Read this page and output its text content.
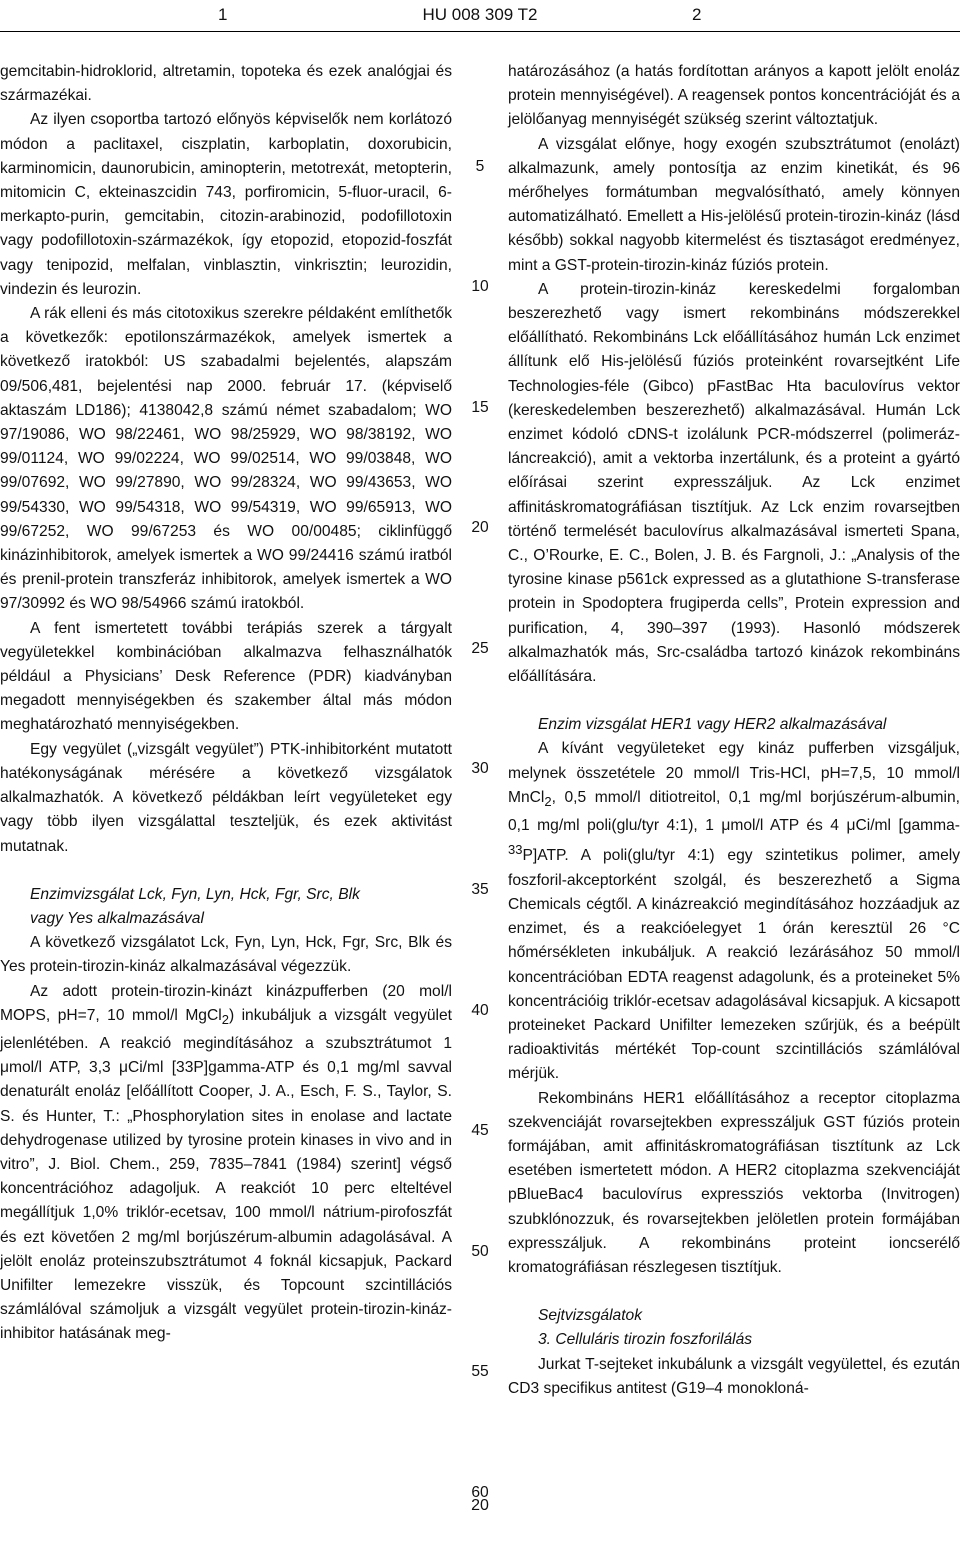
1	HU 008 309 T2	2

gemcitabin-hidroklorid, altretamin, topoteka és ezek analógjai és származékai.

Az ilyen csoportba tartozó előnyös képviselők nem korlátozó módon a paclitaxel, ciszplatin, karboplatin, doxorubicin, karminomicin, daunorubicin, aminopterin, metotrexát, metopterin, mitomicin C, ekteinaszcidin 743, porfiromicin, 5-fluor-uracil, 6-merkapto-purin, gemcitabin, citozin-arabinozid, podofillotoxin vagy podofillotoxin-származékok, így etopozid, etopozid-foszfát vagy tenipozid, melfalan, vinblasztin, vinkrisztin; leurozidin, vindezin és leurozin.

A rák elleni és más citotoxikus szerekre példaként említhetők a következők: epotilonszármazékok, amelyek ismertek a következő iratokból: US szabadalmi bejelentés, alapszám 09/506,481, bejelentési nap 2000. február 17. (képviselő aktaszám LD186); 4138042,8 számú német szabadalom; WO 97/19086, WO 98/22461, WO 98/25929, WO 98/38192, WO 99/01124, WO 99/02224, WO 99/02514, WO 99/03848, WO 99/07692, WO 99/27890, WO 99/28324, WO 99/43653, WO 99/54330, WO 99/54318, WO 99/54319, WO 99/65913, WO 99/67252, WO 99/67253 és WO 00/00485; ciklinfüggő kinázinhibitorok, amelyek ismertek a WO 99/24416 számú iratból és prenil-protein transzferáz inhibitorok, amelyek ismertek a WO 97/30992 és WO 98/54966 számú iratokból.

A fent ismertetett további terápiás szerek a tárgyalt vegyületekkel kombinációban alkalmazva felhasználhatók például a Physicians’ Desk Reference (PDR) kiadványban megadott mennyiségekben és szakember által más módon meghatározható mennyiségekben.

Egy vegyület („vizsgált vegyület”) PTK-inhibitorként mutatott hatékonyságának mérésére a következő vizsgálatok alkalmazhatók. A következő példákban leírt vegyületeket egy vagy több ilyen vizsgálattal teszteljük, és ezek aktivitást mutatnak.

Enzimvizsgálat Lck, Fyn, Lyn, Hck, Fgr, Src, Blk

vagy Yes alkalmazásával

A következő vizsgálatot Lck, Fyn, Lyn, Hck, Fgr, Src, Blk és Yes protein-tirozin-kináz alkalmazásával végezzük.

Az adott protein-tirozin-kinázt kinázpufferben (20 mol/l MOPS, pH=7, 10 mmol/l MgCl$_2$) inkubáljuk a vizsgált vegyület jelenlétében. A reakció megindításához a szubsztrátumot 1 μmol/l ATP, 3,3 μCi/ml [33P]gamma-ATP és 0,1 mg/ml savval denaturált enoláz [előállított Cooper, J. A., Esch, F. S., Taylor, S. S. és Hunter, T.: „Phosphorylation sites in enolase and lactate dehydrogenase utilized by tyrosine protein kinases in vivo and in vitro”, J. Biol. Chem., 259, 7835–7841 (1984) szerint] végső koncentrációhoz adagoljuk. A reakciót 10 perc elteltével megállítjuk 1,0% triklór-ecetsav, 100 mmol/l nátrium-pirofoszfát és ezt követően 2 mg/ml borjúszérum-albumin adagolásával. A jelölt enoláz proteinszubsztrátumot 4 foknál kicsapjuk, Packard Unifilter lemezekre visszük, és Topcount szcintillációs számlálóval számoljuk a vizsgált vegyület protein-tirozin-kináz-inhibitor hatásának meg-

5
10
15
20
25
30
35
40
45
50
55
60

határozásához (a hatás fordítottan arányos a kapott jelölt enoláz protein mennyiségével). A reagensek pontos koncentrációját és a jelölőanyag mennyiségét szükség szerint változtatjuk.

A vizsgálat előnye, hogy exogén szubsztrátumot (enolázt) alkalmazunk, amely pontosítja az enzim kinetikát, és 96 mérőhelyes formátumban megvalósítható, amely könnyen automatizálható. Emellett a His-jelölésű protein-tirozin-kináz (lásd később) sokkal nagyobb kitermelést és tisztaságot eredményez, mint a GST-protein-tirozin-kináz fúziós protein.

A protein-tirozin-kináz kereskedelmi forgalomban beszerezhető vagy ismert rekombináns módszerekkel előállítható. Rekombináns Lck előállításához humán Lck enzimet állítunk elő His-jelölésű fúziós proteinként rovarsejtként Life Technologies-féle (Gibco) pFastBac Hta baculovírus vektor (kereskedelemben beszerezhető) alkalmazásával. Humán Lck enzimet kódoló cDNS-t izolálunk PCR-módszerrel (polimeráz-láncreakció), amit a vektorba inzertálunk, és a proteint a gyártó előírásai szerint expresszáljuk. Az Lck enzimet affinitáskromatográfiásan tisztítjuk. Az Lck enzim rovarsejtben történő termelését baculovírus alkalmazásával ismerteti Spana, C., O’Rourke, E. C., Bolen, J. B. és Fargnoli, J.: „Analysis of the tyrosine kinase p561ck expressed as a glutathione S-transferase protein in Spodoptera frugiperda cells”, Protein expression and purification, 4, 390–397 (1993). Hasonló módszerek alkalmazhatók más, Src-családba tartozó kinázok rekombináns előállítására.

Enzim vizsgálat HER1 vagy HER2 alkalmazásával

A kívánt vegyületeket egy kináz pufferben vizsgáljuk, melynek összetétele 20 mmol/l Tris-HCl, pH=7,5, 10 mmol/l MnCl$_2$, 0,5 mmol/l ditiotreitol, 0,1 mg/ml borjúszérum-albumin, 0,1 mg/ml poli(glu/tyr 4:1), 1 μmol/l ATP és 4 μCi/ml [gamma-$^{33}$P]ATP. A poli(glu/tyr 4:1) egy szintetikus polimer, amely foszforil-akceptorként szolgál, és beszerezhető a Sigma Chemicals cégtől. A kinázreakció megindításához hozzáadjuk az enzimet, és a reakcióelegyet 1 órán keresztül 26 °C hőmérsékleten inkubáljuk. A reakció lezárásához 50 mmol/l koncentrációban EDTA reagenst adagolunk, és a proteineket 5% koncentrációig triklór-ecetsav adagolásával kicsapjuk. A kicsapott proteineket Packard Unifilter lemezeken szűrjük, és a beépült radioaktivitás mértékét Top-count szcintillációs számlálóval mérjük.

Rekombináns HER1 előállításához a receptor citoplazma szekvenciáját rovarsejtekben expresszáljuk GST fúziós protein formájában, amit affinitáskromatográfiásan tisztítunk az Lck esetében ismertetett módon. A HER2 citoplazma szekvenciáját pBlueBac4 baculovírus expressziós vektorba (Invitrogen) szubklónozzuk, és rovarsejtekben jelöletlen protein formájában expresszáljuk. A rekombináns proteint ioncserélő kromatográfiásan részlegesen tisztítjuk.

Sejtvizsgálatok

3. Celluláris tirozin foszforilálás

Jurkat T-sejteket inkubálunk a vizsgált vegyülettel, és ezután CD3 specifikus antitest (G19–4 monokloná-

20
